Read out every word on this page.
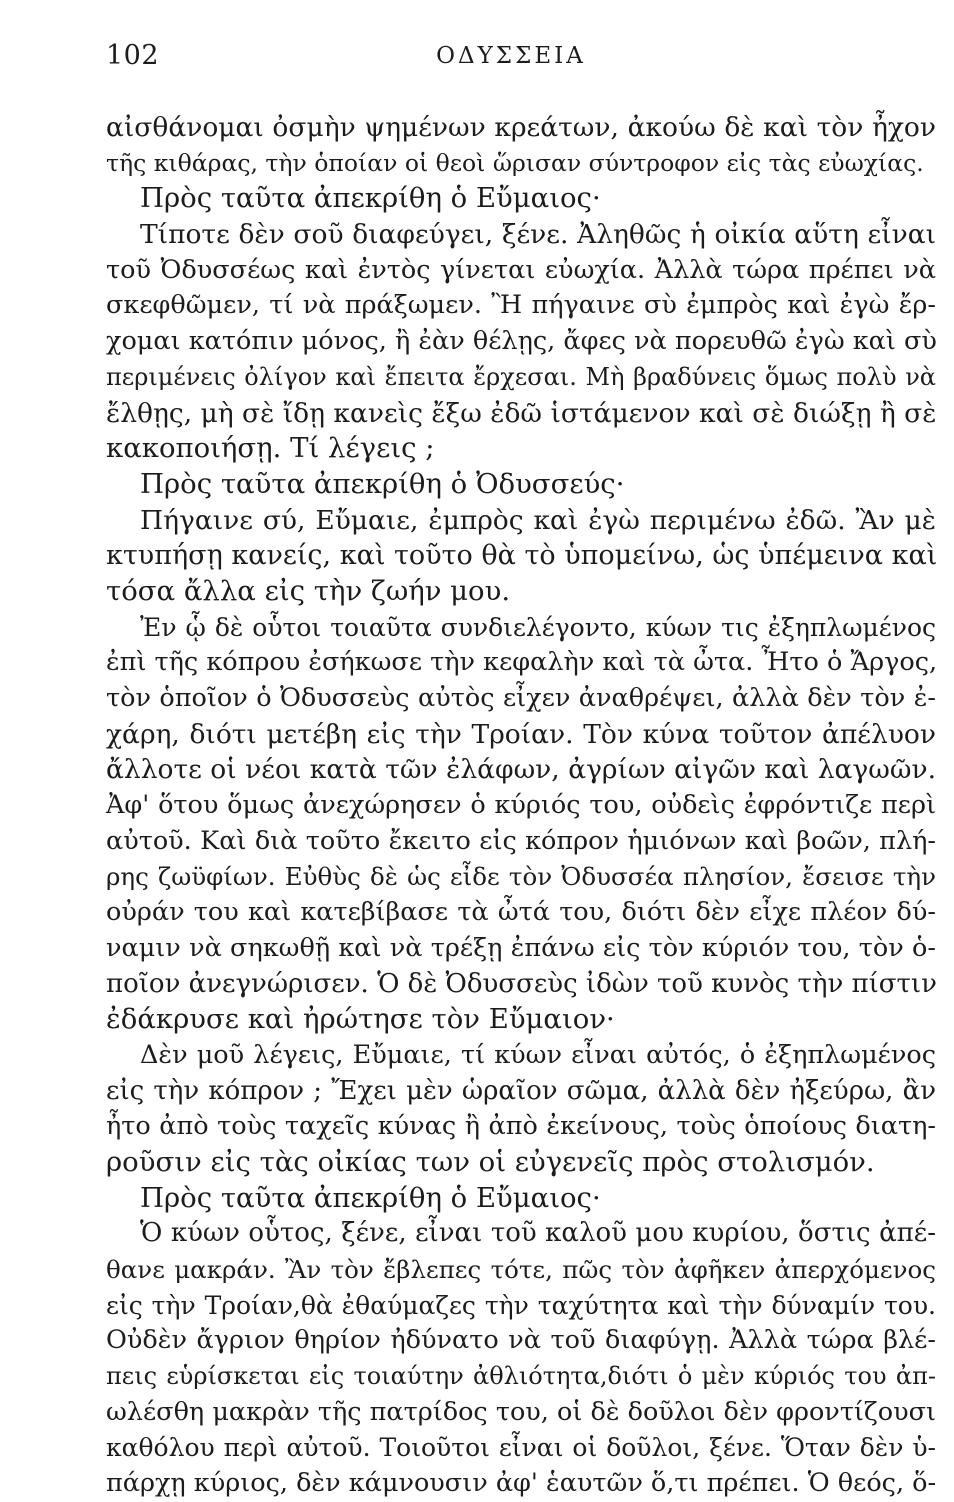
102	ΟΔΥΣΣΕΙΑ
αἰσθάνομαι ὀσμὴν ψημένων κρεάτων, ἀκούω δὲ καὶ τὸν ἦχον
τῆς κιθάρας, τὴν ὁποίαν οἱ θεοὶ ὥρισαν σύντροφον εἰς τὰς εὐωχίας.
Πρὸς ταῦτα ἀπεκρίθη ὁ Εὔμαιος·
Τίποτε δὲν σοῦ διαφεύγει, ξένε. Ἀληθῶς ἡ οἰκία αὕτη εἶναι
τοῦ Ὀδυσσέως καὶ ἐντὸς γίνεται εὐωχία. Ἀλλὰ τώρα πρέπει νὰ
σκεφθῶμεν, τί νὰ πράξωμεν. Ἢ πήγαινε σὺ ἐμπρὸς καὶ ἐγὼ ἔρ-
χομαι κατόπιν μόνος, ἢ ἐὰν θέλῃς, ἄφες νὰ πορευθῶ ἐγὼ καὶ σὺ
περιμένεις ὀλίγον καὶ ἔπειτα ἔρχεσαι. Μὴ βραδύνεις ὅμως πολὺ νὰ
ἔλθῃς, μὴ σὲ ἴδῃ κανεὶς ἔξω ἐδῶ ἱστάμενον καὶ σὲ διώξῃ ἢ σὲ
κακοποιήσῃ. Τί λέγεις ;
Πρὸς ταῦτα ἀπεκρίθη ὁ Ὀδυσσεύς·
Πήγαινε σύ, Εὔμαιε, ἐμπρὸς καὶ ἐγὼ περιμένω ἐδῶ. Ἂν μὲ
κτυπήσῃ κανείς, καὶ τοῦτο θὰ τὸ ὑπομείνω, ὡς ὑπέμεινα καὶ
τόσα ἄλλα εἰς τὴν ζωήν μου.
Ἐν ᾧ δὲ οὗτοι τοιαῦτα συνδιελέγοντο, κύων τις ἐξηπλωμένος
ἐπὶ τῆς κόπρου ἐσήκωσε τὴν κεφαλὴν καὶ τὰ ὦτα. Ἦτο ὁ Ἄργος,
τὸν ὁποῖον ὁ Ὀδυσσεὺς αὐτὸς εἶχεν ἀναθρέψει, ἀλλὰ δὲν τὸν ἐ-
χάρη, διότι μετέβη εἰς τὴν Τροίαν. Τὸν κύνα τοῦτον ἀπέλυον
ἄλλοτε οἱ νέοι κατὰ τῶν ἐλάφων, ἀγρίων αἰγῶν καὶ λαγωῶν.
Ἀφ' ὅτου ὅμως ἀνεχώρησεν ὁ κύριός του, οὐδεὶς ἐφρόντιζε περὶ
αὐτοῦ. Καὶ διὰ τοῦτο ἔκειτο εἰς κόπρον ἡμιόνων καὶ βοῶν, πλή-
ρης ζωϋφίων. Εὐθὺς δὲ ὡς εἶδε τὸν Ὀδυσσέα πλησίον, ἔσεισε τὴν
οὐράν του καὶ κατεβίβασε τὰ ὦτά του, διότι δὲν εἶχε πλέον δύ-
ναμιν νὰ σηκωθῇ καὶ νὰ τρέξῃ ἐπάνω εἰς τὸν κύριόν του, τὸν ὁ-
ποῖον ἀνεγνώρισεν. Ὁ δὲ Ὀδυσσεὺς ἰδὼν τοῦ κυνὸς τὴν πίστιν
ἐδάκρυσε καὶ ἠρώτησε τὸν Εὔμαιον·
Δὲν μοῦ λέγεις, Εὔμαιε, τί κύων εἶναι αὐτός, ὁ ἐξηπλωμένος
εἰς τὴν κόπρον ; Ἔχει μὲν ὡραῖον σῶμα, ἀλλὰ δὲν ἠξεύρω, ἂν
ἦτο ἀπὸ τοὺς ταχεῖς κύνας ἢ ἀπὸ ἐκείνους, τοὺς ὁποίους διατη-
ροῦσιν εἰς τὰς οἰκίας των οἱ εὐγενεῖς πρὸς στολισμόν.
Πρὸς ταῦτα ἀπεκρίθη ὁ Εὔμαιος·
Ὁ κύων οὗτος, ξένε, εἶναι τοῦ καλοῦ μου κυρίου, ὅστις ἀπέ-
θανε μακράν. Ἂν τὸν ἔβλεπες τότε, πῶς τὸν ἀφῆκεν ἀπερχόμενος
εἰς τὴν Τροίαν,θὰ ἐθαύμαζες τὴν ταχύτητα καὶ τὴν δύναμίν του.
Οὐδὲν ἄγριον θηρίον ἠδύνατο νὰ τοῦ διαφύγῃ. Ἀλλὰ τώρα βλέ-
πεις εὑρίσκεται εἰς τοιαύτην ἀθλιότητα,διότι ὁ μὲν κύριός του ἀπ-
ωλέσθη μακρὰν τῆς πατρίδος του, οἱ δὲ δοῦλοι δὲν φροντίζουσι
καθόλου περὶ αὐτοῦ. Τοιοῦτοι εἶναι οἱ δοῦλοι, ξένε. Ὅταν δὲν ὑ-
πάρχῃ κύριος, δὲν κάμνουσιν ἀφ' ἑαυτῶν ὅ,τι πρέπει. Ὁ θεός, ὅ-
